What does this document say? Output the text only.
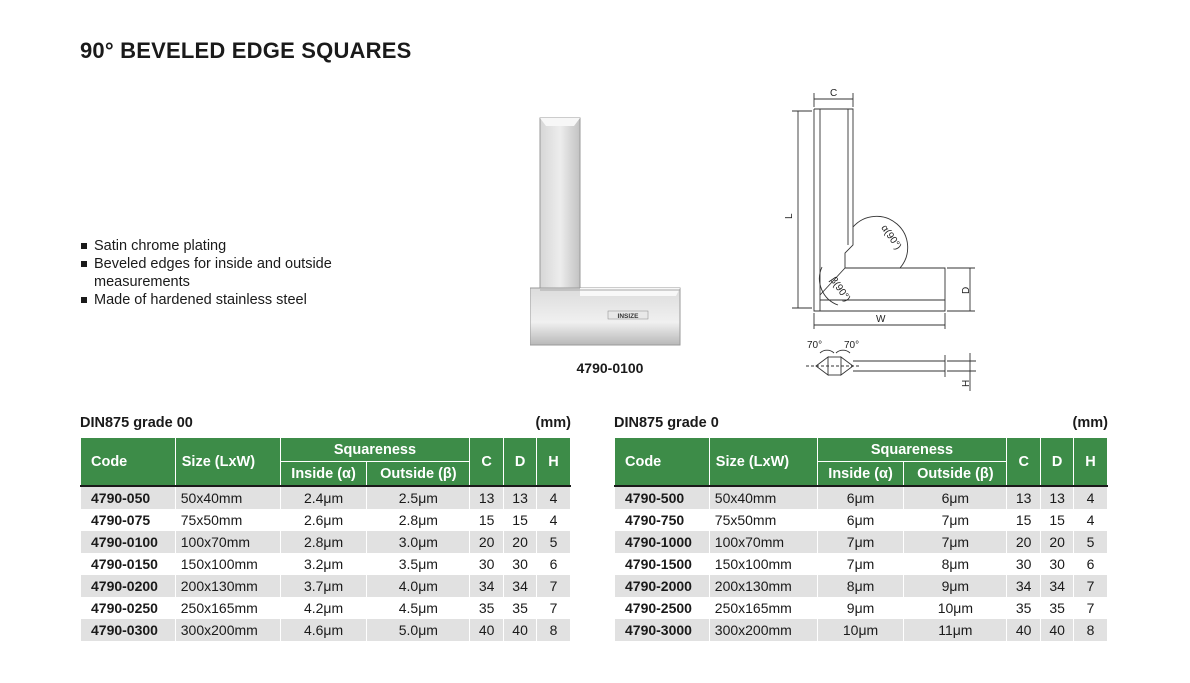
90° BEVELED EDGE SQUARES
Satin chrome plating
Beveled edges for inside and outside measurements
Made of hardened stainless steel
INSIZE
4790-0100
C
L
α(90°)
β(90°)	D
W
70° 70°
H
DIN875 grade 00	(mm)
Code	Size (LxW)	Squareness		C	D	H
		Inside (α)	Outside (β)			
4790-050	50x40mm	2.4μm	2.5μm	13	13	4
4790-075	75x50mm	2.6μm	2.8μm	15	15	4
4790-0100	100x70mm	2.8μm	3.0μm	20	20	5
4790-0150	150x100mm	3.2μm	3.5μm	30	30	6
4790-0200	200x130mm	3.7μm	4.0μm	34	34	7
4790-0250	250x165mm	4.2μm	4.5μm	35	35	7
4790-0300	300x200mm	4.6μm	5.0μm	40	40	8
DIN875 grade 0	(mm)
Code	Size (LxW)	Squareness		C	D	H
		Inside (α)	Outside (β)			
4790-500	50x40mm	6μm	6μm	13	13	4
4790-750	75x50mm	6μm	7μm	15	15	4
4790-1000	100x70mm	7μm	7μm	20	20	5
4790-1500	150x100mm	7μm	8μm	30	30	6
4790-2000	200x130mm	8μm	9μm	34	34	7
4790-2500	250x165mm	9μm	10μm	35	35	7
4790-3000	300x200mm	10μm	11μm	40	40	8
